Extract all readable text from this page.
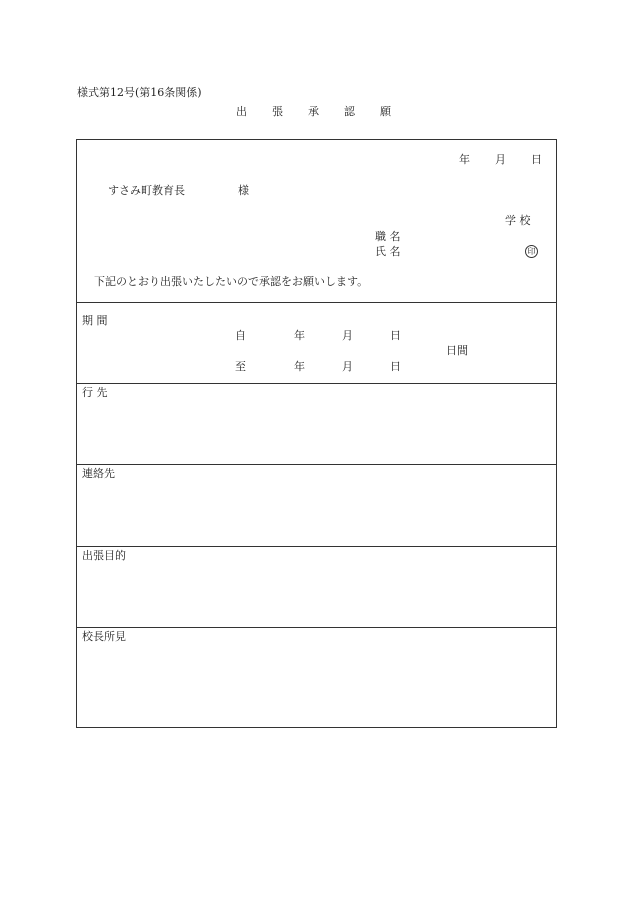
様式第12号(第16条関係)
出 張 承 認 願
年 月 日
すさみ町教育長	様
学 校
職 名
氏 名	印
下記のとおり出張いたしたいので承認をお願いします。
期 間
自	年	月	日
日間
至	年	月	日
行 先
連絡先
出張目的
校長所見
